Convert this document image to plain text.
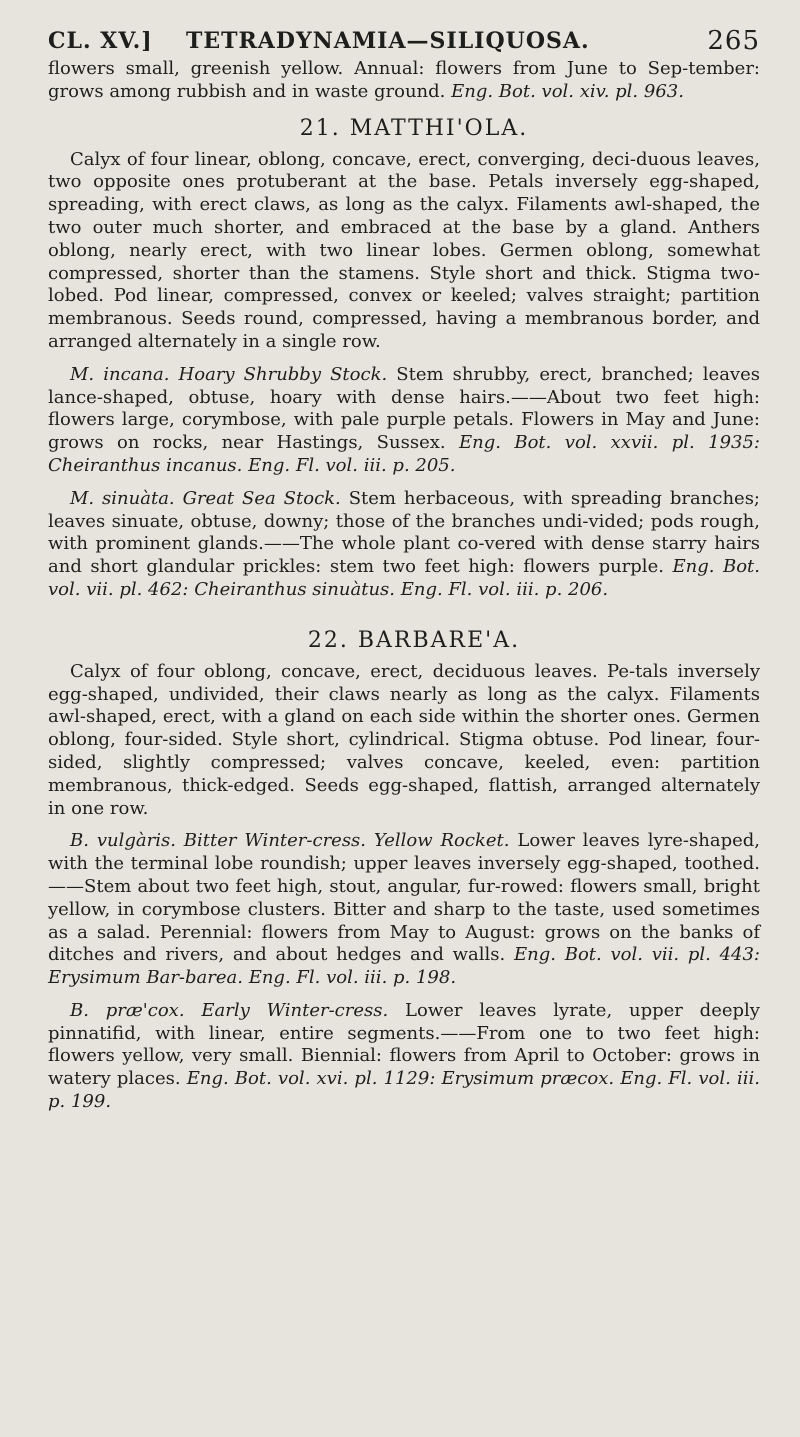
CL. XV.] TETRADYNAMIA—SILIQUOSA.	265

flowers small, greenish yellow. Annual: flowers from June to Sep-tember: grows among rubbish and in waste ground. Eng. Bot. vol. xiv. pl. 963.

21. MATTHI'OLA.

Calyx of four linear, oblong, concave, erect, converging, deci-duous leaves, two opposite ones protuberant at the base. Petals inversely egg-shaped, spreading, with erect claws, as long as the calyx. Filaments awl-shaped, the two outer much shorter, and embraced at the base by a gland. Anthers oblong, nearly erect, with two linear lobes. Germen oblong, somewhat compressed, shorter than the stamens. Style short and thick. Stigma two-lobed. Pod linear, compressed, convex or keeled; valves straight; partition membranous. Seeds round, compressed, having a membranous border, and arranged alternately in a single row.

M. incana. Hoary Shrubby Stock. Stem shrubby, erect, branched; leaves lance-shaped, obtuse, hoary with dense hairs.——About two feet high: flowers large, corymbose, with pale purple petals. Flowers in May and June: grows on rocks, near Hastings, Sussex. Eng. Bot. vol. xxvii. pl. 1935: Cheiranthus incanus. Eng. Fl. vol. iii. p. 205.

M. sinuàta. Great Sea Stock. Stem herbaceous, with spreading branches; leaves sinuate, obtuse, downy; those of the branches undi-vided; pods rough, with prominent glands.——The whole plant co-vered with dense starry hairs and short glandular prickles: stem two feet high: flowers purple. Eng. Bot. vol. vii. pl. 462: Cheiranthus sinuàtus. Eng. Fl. vol. iii. p. 206.

22. BARBARE'A.

Calyx of four oblong, concave, erect, deciduous leaves. Pe-tals inversely egg-shaped, undivided, their claws nearly as long as the calyx. Filaments awl-shaped, erect, with a gland on each side within the shorter ones. Germen oblong, four-sided. Style short, cylindrical. Stigma obtuse. Pod linear, four-sided, slightly compressed; valves concave, keeled, even: partition membranous, thick-edged. Seeds egg-shaped, flattish, arranged alternately in one row.

B. vulgàris. Bitter Winter-cress. Yellow Rocket. Lower leaves lyre-shaped, with the terminal lobe roundish; upper leaves inversely egg-shaped, toothed.——Stem about two feet high, stout, angular, fur-rowed: flowers small, bright yellow, in corymbose clusters. Bitter and sharp to the taste, used sometimes as a salad. Perennial: flowers from May to August: grows on the banks of ditches and rivers, and about hedges and walls. Eng. Bot. vol. vii. pl. 443: Erysimum Bar-barea. Eng. Fl. vol. iii. p. 198.

B. præ'cox. Early Winter-cress. Lower leaves lyrate, upper deeply pinnatifid, with linear, entire segments.——From one to two feet high: flowers yellow, very small. Biennial: flowers from April to October: grows in watery places. Eng. Bot. vol. xvi. pl. 1129: Erysimum præcox. Eng. Fl. vol. iii. p. 199.
